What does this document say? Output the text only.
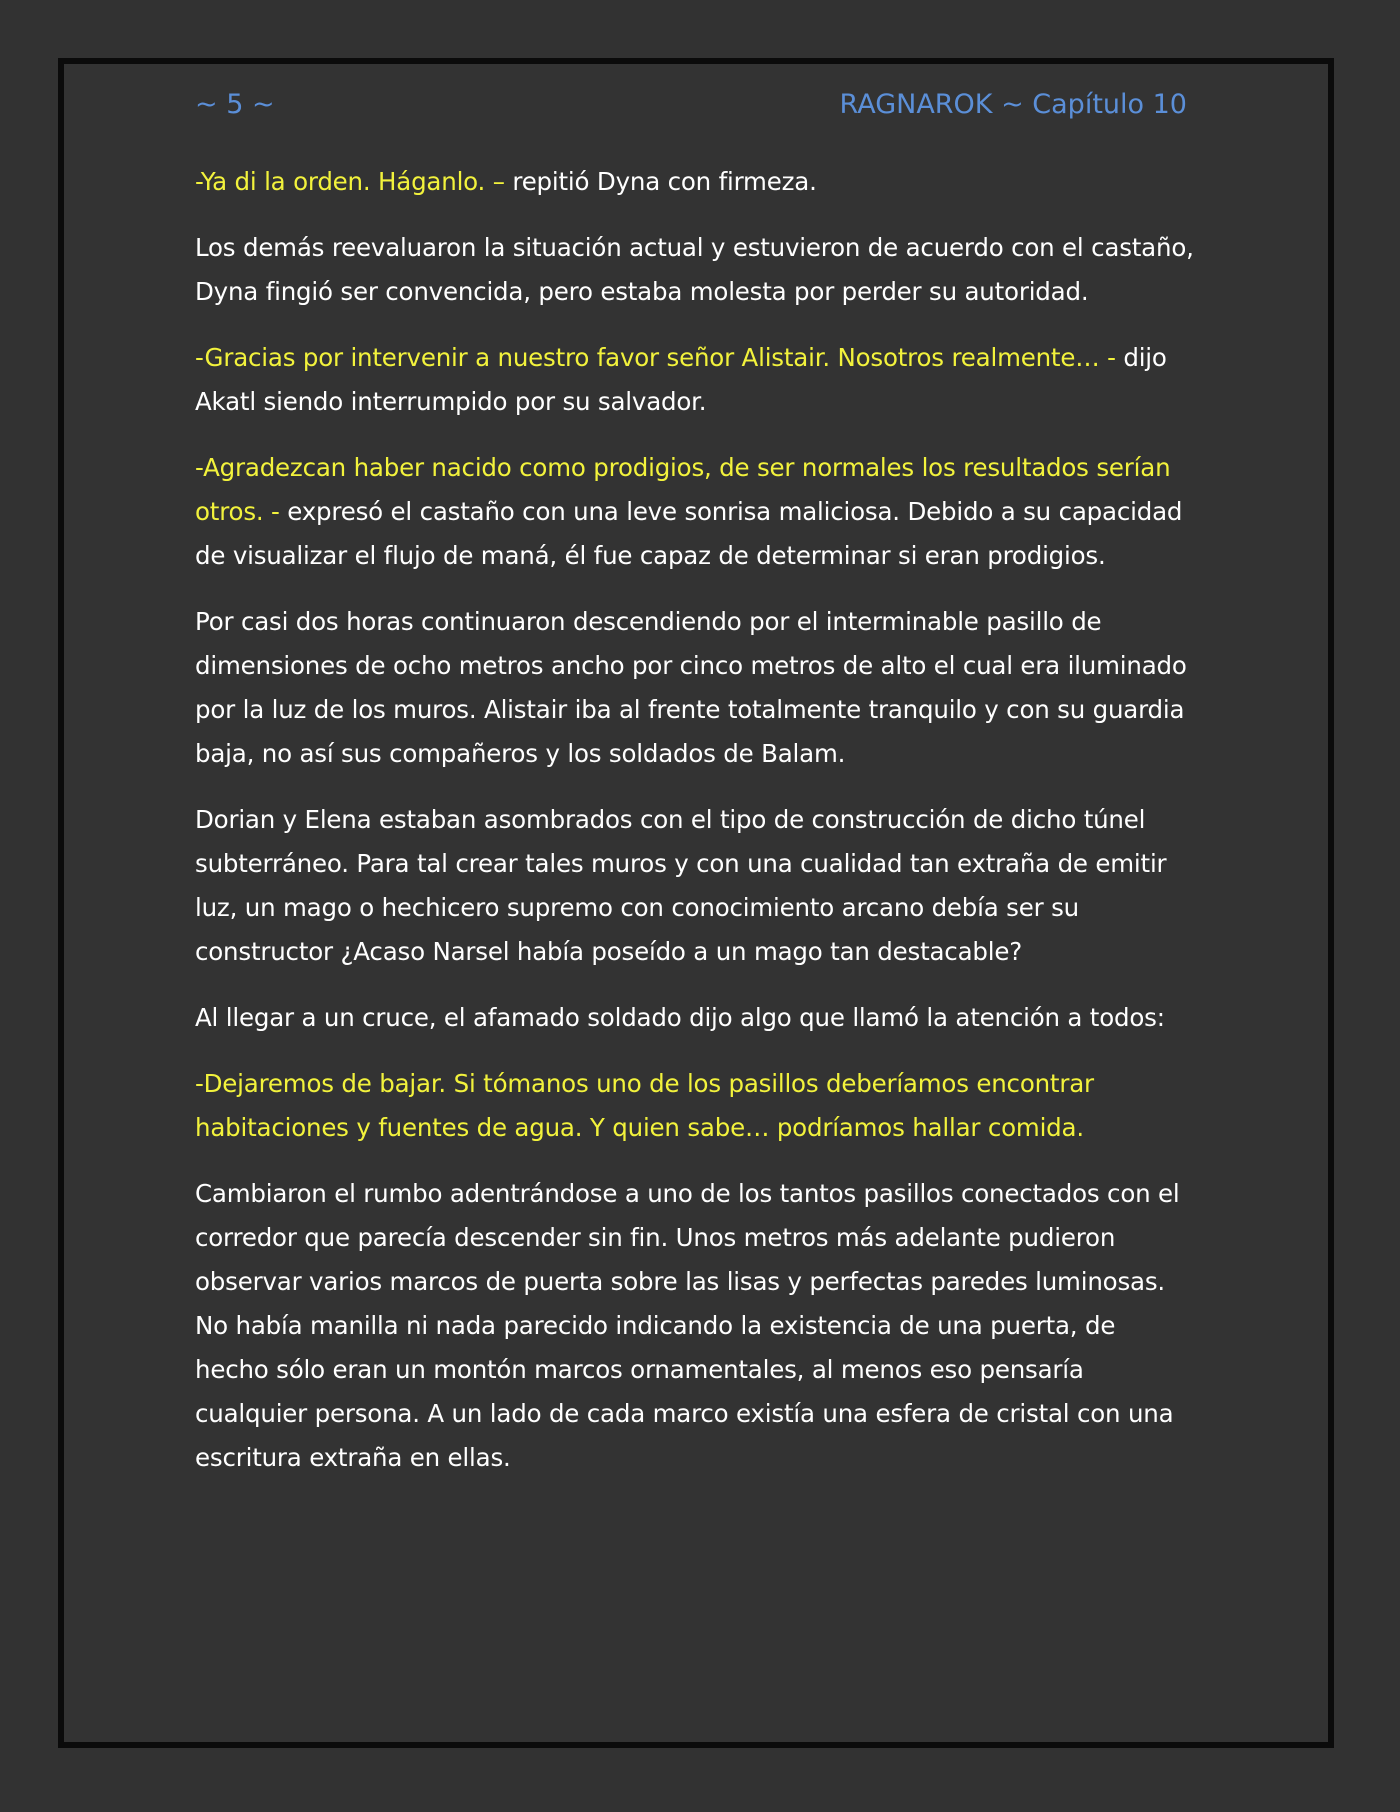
~ 5 ~	RAGNAROK ~ Capítulo 10

-Ya di la orden. Háganlo. – repitió Dyna con firmeza.

Los demás reevaluaron la situación actual y estuvieron de acuerdo con el castaño, Dyna fingió ser convencida, pero estaba molesta por perder su autoridad.

-Gracias por intervenir a nuestro favor señor Alistair. Nosotros realmente… - dijo Akatl siendo interrumpido por su salvador.

-Agradezcan haber nacido como prodigios, de ser normales los resultados serían otros. - expresó el castaño con una leve sonrisa maliciosa. Debido a su capacidad de visualizar el flujo de maná, él fue capaz de determinar si eran prodigios.

Por casi dos horas continuaron descendiendo por el interminable pasillo de dimensiones de ocho metros ancho por cinco metros de alto el cual era iluminado por la luz de los muros. Alistair iba al frente totalmente tranquilo y con su guardia baja, no así sus compañeros y los soldados de Balam.

Dorian y Elena estaban asombrados con el tipo de construcción de dicho túnel subterráneo. Para tal crear tales muros y con una cualidad tan extraña de emitir luz, un mago o hechicero supremo con conocimiento arcano debía ser su constructor ¿Acaso Narsel había poseído a un mago tan destacable?

Al llegar a un cruce, el afamado soldado dijo algo que llamó la atención a todos:

-Dejaremos de bajar. Si tómanos uno de los pasillos deberíamos encontrar habitaciones y fuentes de agua. Y quien sabe… podríamos hallar comida.

Cambiaron el rumbo adentrándose a uno de los tantos pasillos conectados con el corredor que parecía descender sin fin. Unos metros más adelante pudieron observar varios marcos de puerta sobre las lisas y perfectas paredes luminosas. No había manilla ni nada parecido indicando la existencia de una puerta, de hecho sólo eran un montón marcos ornamentales, al menos eso pensaría cualquier persona. A un lado de cada marco existía una esfera de cristal con una escritura extraña en ellas.
